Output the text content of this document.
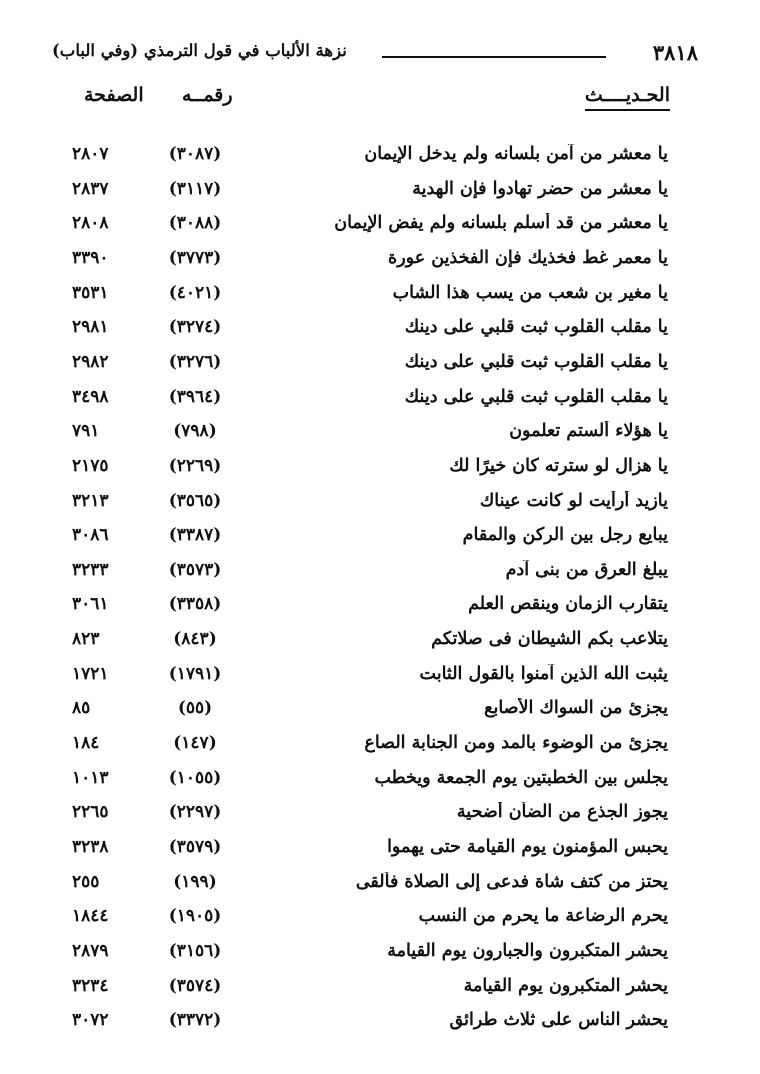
٣٨١٨
نزهة الألباب في قول الترمذي (وفي الباب)
الحـديــــث
رقمــه
الصفحة
يا معشر من آمن بلسانه ولم يدخل الإيمان
(٣٠٨٧)
٢٨٠٧
يا معشر من حضر تهادوا فإن الهدية
(٣١١٧)
٢٨٣٧
يا معشر من قد أسلم بلسانه ولم يفض الإيمان
(٣٠٨٨)
٢٨٠٨
يا معمر غط فخذيك فإن الفخذين عورة
(٣٧٧٣)
٣٣٩٠
يا مغير بن شعب من يسب هذا الشاب
(٤٠٢١)
٣٥٣١
يا مقلب القلوب ثبت قلبي على دينك
(٣٢٧٤)
٢٩٨١
يا مقلب القلوب ثبت قلبي على دينك
(٣٢٧٦)
٢٩٨٢
يا مقلب القلوب ثبت قلبي على دينك
(٣٩٦٤)
٣٤٩٨
يا هؤلاء ألستم تعلمون
(٧٩٨)
٧٩١
يا هزال لو سترته كان خيرًا لك
(٢٢٦٩)
٢١٧٥
يازيد أرأيت لو كانت عيناك
(٣٥٦٥)
٣٢١٣
يبايع رجل بين الركن والمقام
(٣٣٨٧)
٣٠٨٦
يبلغ العرق من بنى آدم
(٣٥٧٣)
٣٢٣٣
يتقارب الزمان وينقص العلم
(٣٣٥٨)
٣٠٦١
يتلاعب بكم الشيطان فى صلاتكم
(٨٤٣)
٨٢٣
يثبت الله الذين آمنوا بالقول الثابت
(١٧٩١)
١٧٢١
يجزئ من السواك الأصابع
(٥٥)
٨٥
يجزئ من الوضوء بالمد ومن الجنابة الصاع
(١٤٧)
١٨٤
يجلس بين الخطبتين يوم الجمعة ويخطب
(١٠٥٥)
١٠١٣
يجوز الجذع من الضأن أضحية
(٢٢٩٧)
٢٢٦٥
يحبس المؤمنون يوم القيامة حتى يهموا
(٣٥٧٩)
٣٢٣٨
يحتز من كتف شاة فدعى إلى الصلاة فألقى
(١٩٩)
٢٥٥
يحرم الرضاعة ما يحرم من النسب
(١٩٠٥)
١٨٤٤
يحشر المتكبرون والجبارون يوم القيامة
(٣١٥٦)
٢٨٧٩
يحشر المتكبرون يوم القيامة
(٣٥٧٤)
٣٢٣٤
يحشر الناس على ثلاث طرائق
(٣٣٧٢)
٣٠٧٢
